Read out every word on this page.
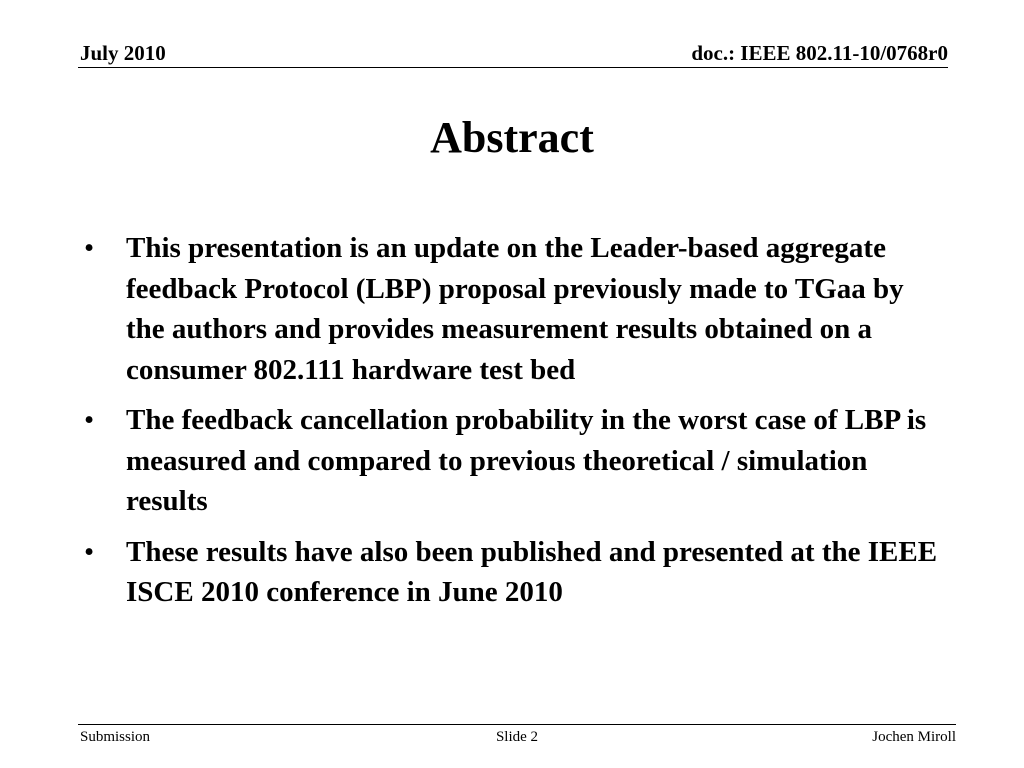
July 2010	doc.: IEEE 802.11-10/0768r0
Abstract
• This presentation is an update on the Leader-based aggregate feedback Protocol (LBP) proposal previously made to TGaa by the authors and provides measurement results obtained on a consumer 802.111 hardware test bed
• The feedback cancellation probability in the worst case of LBP is measured and compared to previous theoretical / simulation results
• These results have also been published and presented at the IEEE ISCE 2010 conference in June 2010
Submission	Slide 2	Jochen Miroll
